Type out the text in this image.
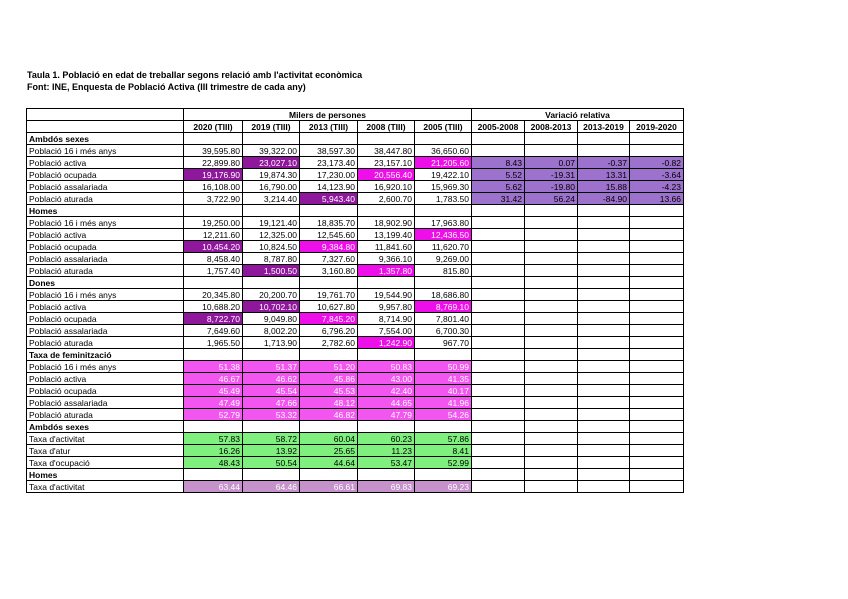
Taula 1. Població en edat de treballar segons relació amb l'activitat econòmica
Font: INE, Enquesta de Població Activa (III trimestre de cada any)
	Milers de persones					Variació relativa			
	2020 (TIII)	2019 (TIII)	2013 (TIII)	2008 (TIII)	2005 (TIII)	2005-2008	2008-2013	2013-2019	2019-2020
Ambdós sexes									
Població 16 i més anys	39,595.80	39,322.00	38,597.30	38,447.80	36,650.60				
Població activa	22,899.80	23,027.10	23,173.40	23,157.10	21,205.60	8.43	0.07	-0.37	-0.82
Població ocupada	19,176.90	19,874.30	17,230.00	20,556.40	19,422.10	5.52	-19.31	13.31	-3.64
Població assalariada	16,108.00	16,790.00	14,123.90	16,920.10	15,969.30	5.62	-19.80	15.88	-4.23
Població aturada	3,722.90	3,214.40	5,943.40	2,600.70	1,783.50	31.42	56.24	-84.90	13.66
Homes									
Població 16 i més anys	19,250.00	19,121.40	18,835.70	18,902.90	17,963.80				
Població activa	12,211.60	12,325.00	12,545.60	13,199.40	12,436.50				
Població ocupada	10,454.20	10,824.50	9,384.80	11,841.60	11,620.70				
Població assalariada	8,458.40	8,787.80	7,327.60	9,366.10	9,269.00				
Població aturada	1,757.40	1,500.50	3,160.80	1,357.80	815.80				
Dones									
Població 16 i més anys	20,345.80	20,200.70	19,761.70	19,544.90	18,686.80				
Població activa	10,688.20	10,702.10	10,627.80	9,957.80	8,769.10				
Població ocupada	8,722.70	9,049.80	7,845.20	8,714.90	7,801.40				
Població assalariada	7,649.60	8,002.20	6,796.20	7,554.00	6,700.30				
Població aturada	1,965.50	1,713.90	2,782.60	1,242.90	967.70				
Taxa de feminització									
Població 16 i més anys	51.38	51.37	51.20	50.83	50.99				
Població activa	46.67	46.62	45.86	43.00	41.35				
Població ocupada	45.49	45.54	45.53	42.40	40.17				
Població assalariada	47.49	47.66	48.12	44.65	41.96				
Població aturada	52.79	53.32	46.82	47.79	54.26				
Ambdós sexes									
Taxa d'activitat	57.83	58.72	60.04	60.23	57.86				
Taxa d'atur	16.26	13.92	25.65	11.23	8.41				
Taxa d'ocupació	48.43	50.54	44.64	53.47	52.99				
Homes									
Taxa d'activitat	63.44	64.46	66.61	69.83	69.23				
